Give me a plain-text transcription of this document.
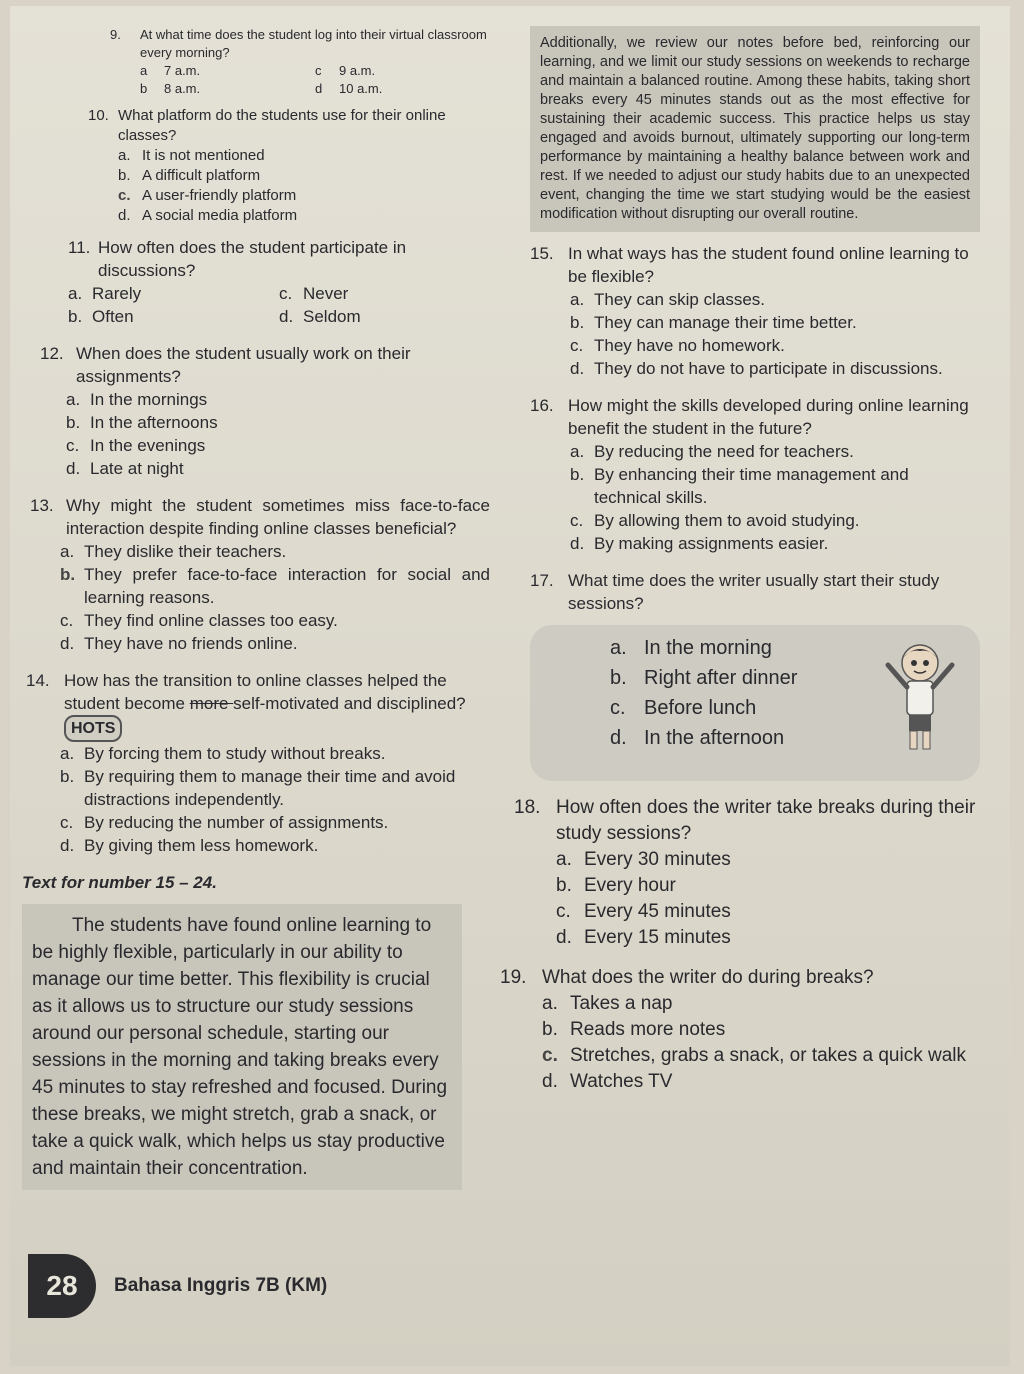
9.	At what time does the student log into their virtual classroom every morning?
a	7 a.m.	c	9 a.m.
b	8 a.m.	d	10 a.m.
10. What platform do the students use for their online classes?
a. It is not mentioned
b. A difficult platform
c. A user-friendly platform
d. A social media platform
11. How often does the student participate in discussions?
a. Rarely	c. Never
b. Often	d. Seldom
12. When does the student usually work on their assignments?
a. In the mornings
b. In the afternoons
c. In the evenings
d. Late at night
13. Why might the student sometimes miss face-to-face interaction despite finding online classes beneficial?
a. They dislike their teachers.
b. They prefer face-to-face interaction for social and learning reasons.
c. They find online classes too easy.
d. They have no friends online.
14. How has the transition to online classes helped the student become more self-motivated and disciplined? HOTS
a. By forcing them to study without breaks.
b. By requiring them to manage their time and avoid distractions independently.
c. By reducing the number of assignments.
d. By giving them less homework.
Text for number 15 – 24.
The students have found online learning to be highly flexible, particularly in our ability to manage our time better. This flexibility is crucial as it allows us to structure our study sessions around our personal schedule, starting our sessions in the morning and taking breaks every 45 minutes to stay refreshed and focused. During these breaks, we might stretch, grab a snack, or take a quick walk, which helps us stay productive and maintain their concentration.
Additionally, we review our notes before bed, reinforcing our learning, and we limit our study sessions on weekends to recharge and maintain a balanced routine. Among these habits, taking short breaks every 45 minutes stands out as the most effective for sustaining their academic success. This practice helps us stay engaged and avoids burnout, ultimately supporting our long-term performance by maintaining a healthy balance between work and rest. If we needed to adjust our study habits due to an unexpected event, changing the time we start studying would be the easiest modification without disrupting our overall routine.
15. In what ways has the student found online learning to be flexible?
a. They can skip classes.
b. They can manage their time better.
c. They have no homework.
d. They do not have to participate in discussions.
16. How might the skills developed during online learning benefit the student in the future?
a. By reducing the need for teachers.
b. By enhancing their time management and technical skills.
c. By allowing them to avoid studying.
d. By making assignments easier.
17. What time does the writer usually start their study sessions?
a. In the morning
b. Right after dinner
c. Before lunch
d. In the afternoon
18. How often does the writer take breaks during their study sessions?
a. Every 30 minutes
b. Every hour
c. Every 45 minutes
d. Every 15 minutes
19. What does the writer do during breaks?
a. Takes a nap
b. Reads more notes
c. Stretches, grabs a snack, or takes a quick walk
d. Watches TV
28	Bahasa Inggris 7B (KM)
